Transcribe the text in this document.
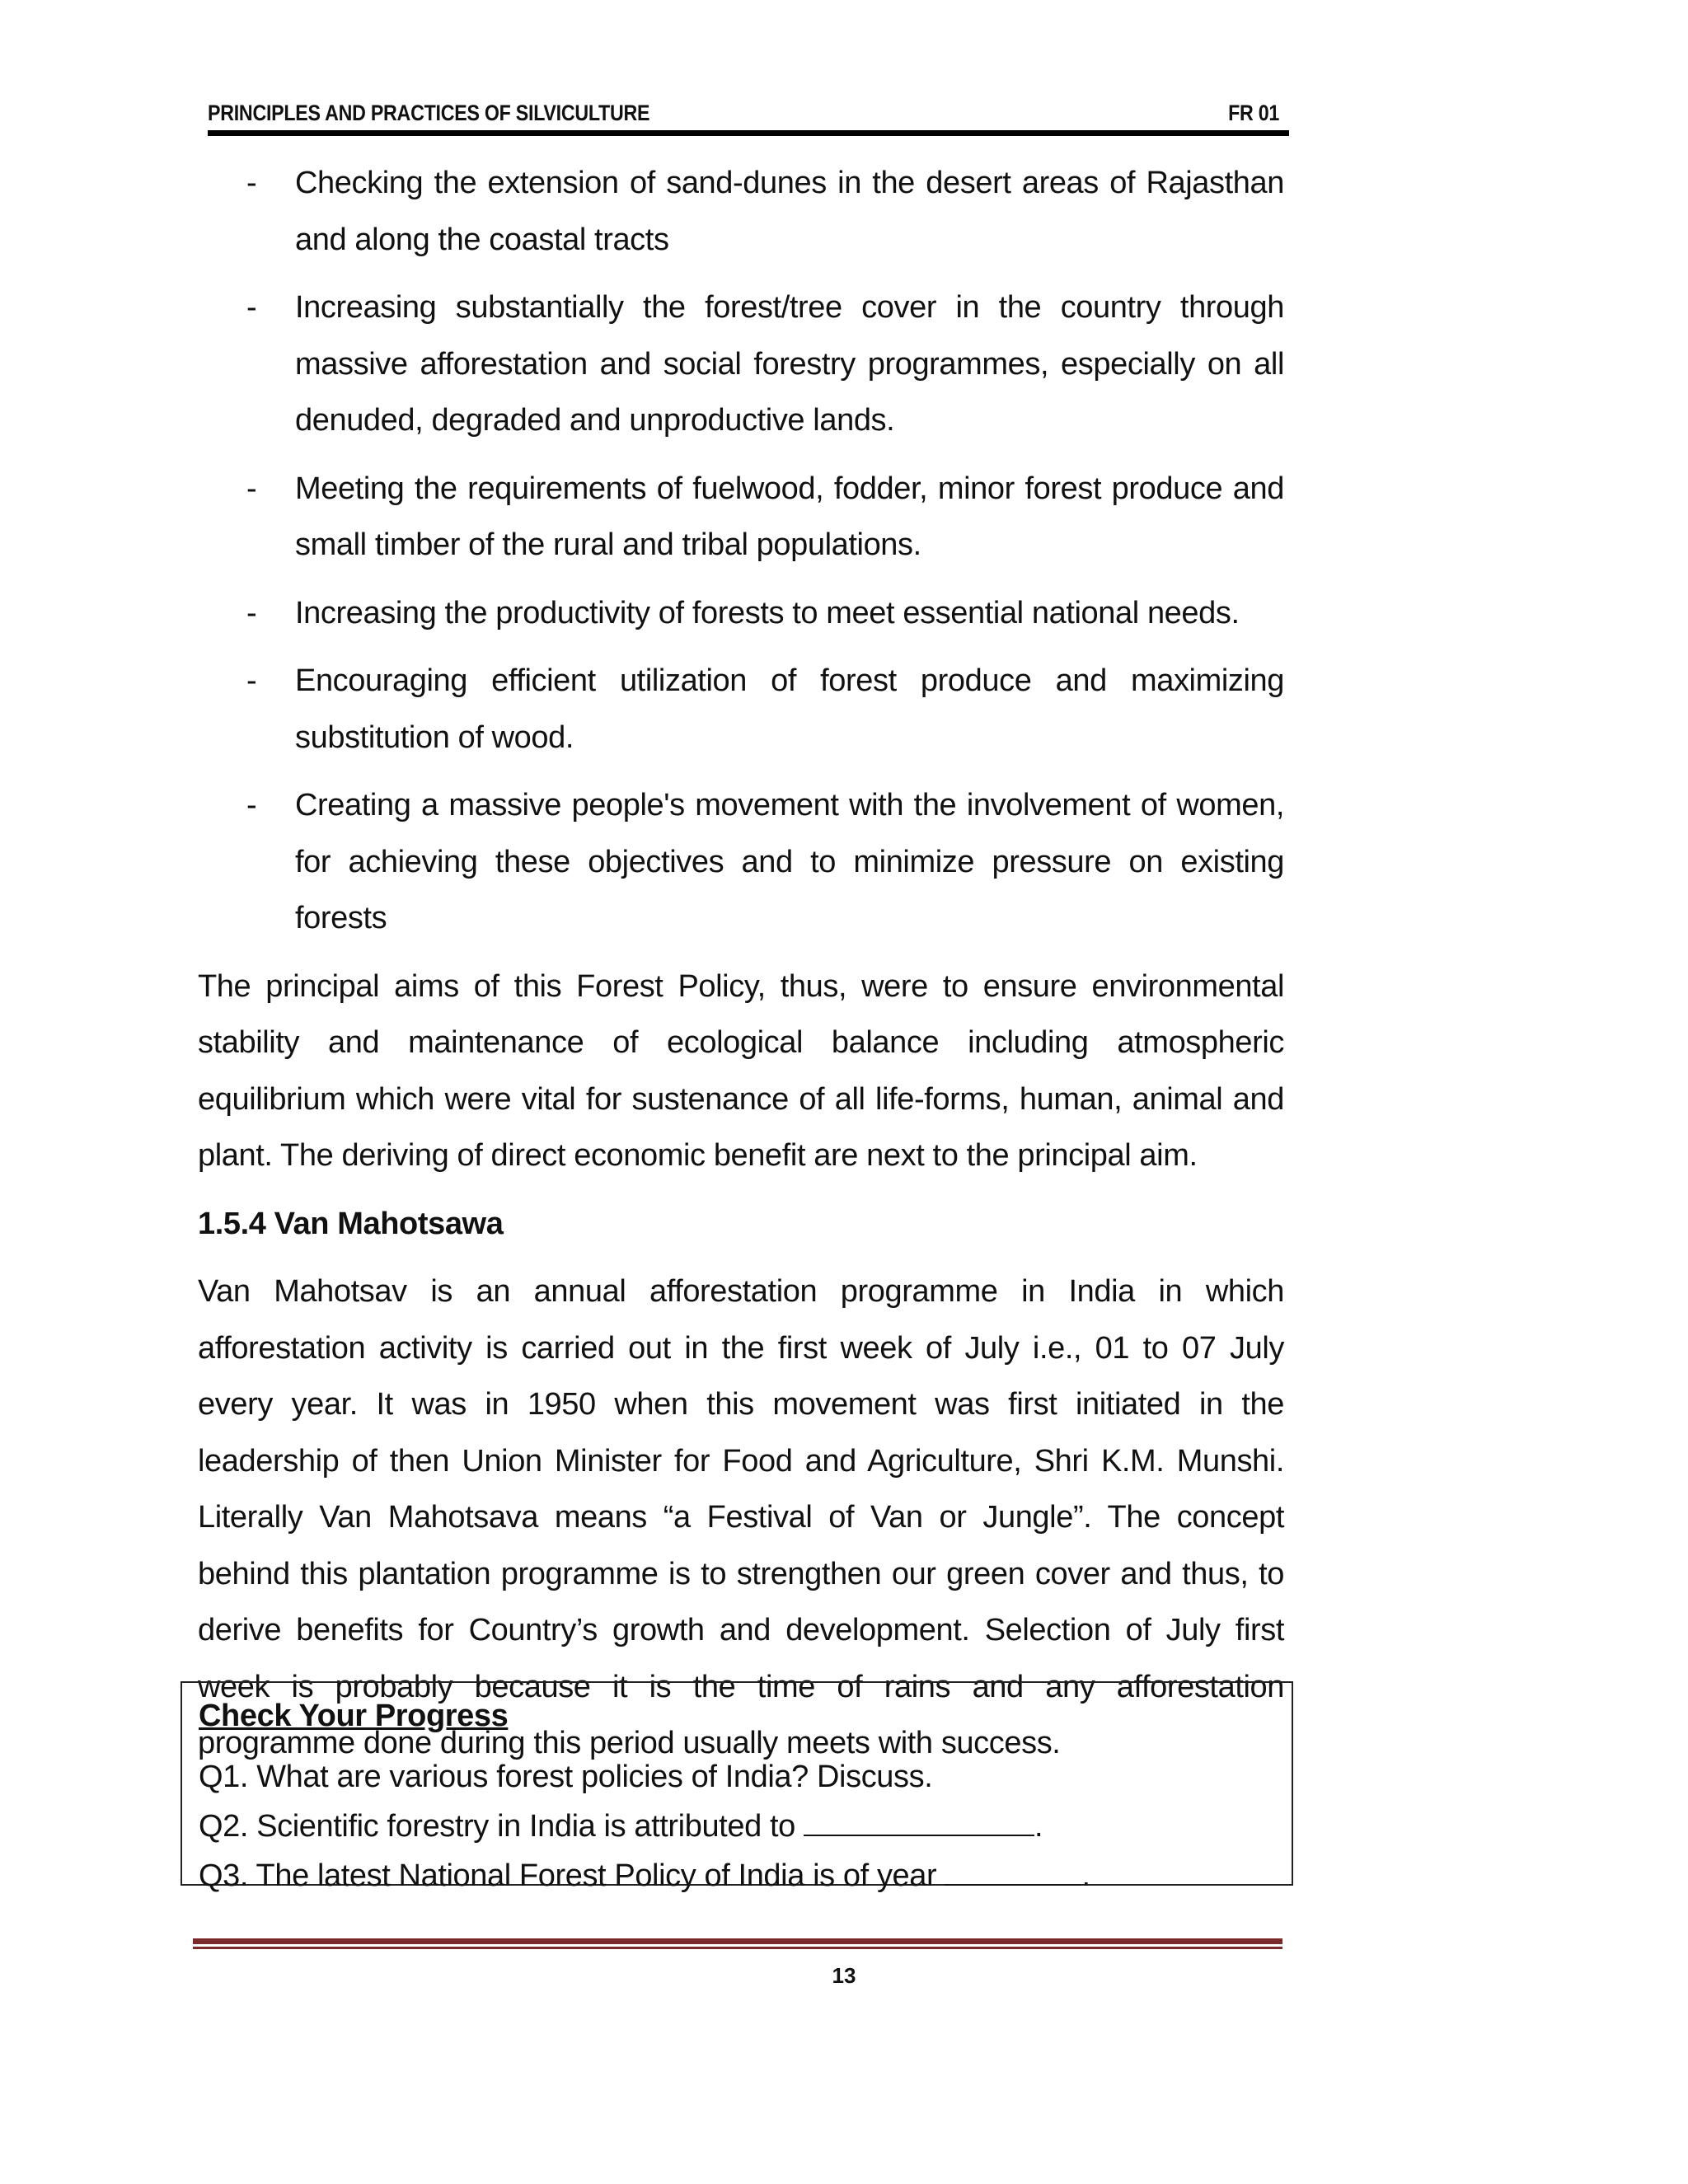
PRINCIPLES AND PRACTICES OF SILVICULTURE	FR 01
- Checking the extension of sand-dunes in the desert areas of Rajasthan and along the coastal tracts
- Increasing substantially the forest/tree cover in the country through massive afforestation and social forestry programmes, especially on all denuded, degraded and unproductive lands.
- Meeting the requirements of fuelwood, fodder, minor forest produce and small timber of the rural and tribal populations.
- Increasing the productivity of forests to meet essential national needs.
- Encouraging efficient utilization of forest produce and maximizing substitution of wood.
- Creating a massive people's movement with the involvement of women, for achieving these objectives and to minimize pressure on existing forests

The principal aims of this Forest Policy, thus, were to ensure environmental stability and maintenance of ecological balance including atmospheric equilibrium which were vital for sustenance of all life-forms, human, animal and plant. The deriving of direct economic benefit are next to the principal aim.

1.5.4 Van Mahotsawa

Van Mahotsav is an annual afforestation programme in India in which afforestation activity is carried out in the first week of July i.e., 01 to 07 July every year. It was in 1950 when this movement was first initiated in the leadership of then Union Minister for Food and Agriculture, Shri K.M. Munshi. Literally Van Mahotsava means “a Festival of Van or Jungle”. The concept behind this plantation programme is to strengthen our green cover and thus, to derive benefits for Country’s growth and development. Selection of July first week is probably because it is the time of rains and any afforestation programme done during this period usually meets with success.

Check Your Progress

Q1. What are various forest policies of India? Discuss.

Q2. Scientific forestry in India is attributed to	.

Q3. The latest National Forest Policy of India is of year	.

13
